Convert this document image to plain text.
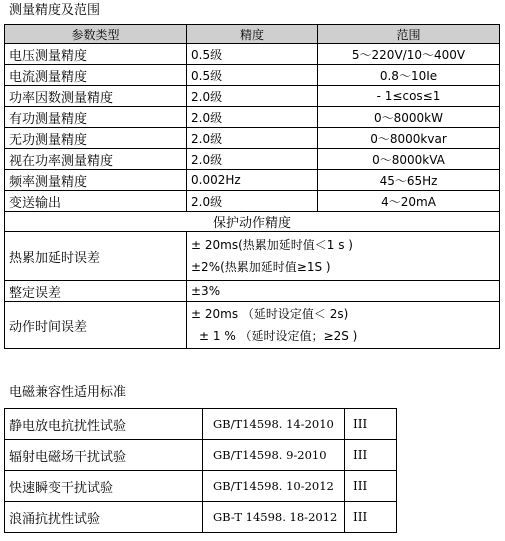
测量精度及范围
参数类型	精度	范围
电压测量精度	0.5级	5～220V/10～400V
电流测量精度	0.5级	0.8～10Ie
功率因数测量精度	2.0级	- 1≤cos≤1
有功测量精度	2.0级	0～8000kW
无功测量精度	2.0级	0～8000kvar
视在功率测量精度	2.0级	0～8000kVA
频率测量精度	0.002Hz	45～65Hz
变送输出	2.0级	4～20mA
保护动作精度		
热累加延时误差	± 20ms(热累加延时值＜1 s )
±2%(热累加延时值≥1S )	

整定误差	±3%	
动作时间误差	± 20ms （延时设定值＜ 2s)
± 1 % （延时设定值；≥2S )	
电磁兼容性适用标准
静电放电抗扰性试验	GB/T14598. 14-2010	III
辐射电磁场干扰试验	GB/T14598. 9-2010	III
快速瞬变干扰试验	GB/T14598. 10-2012	III
浪涌抗扰性试验	GB-T 14598. 18-2012	III
